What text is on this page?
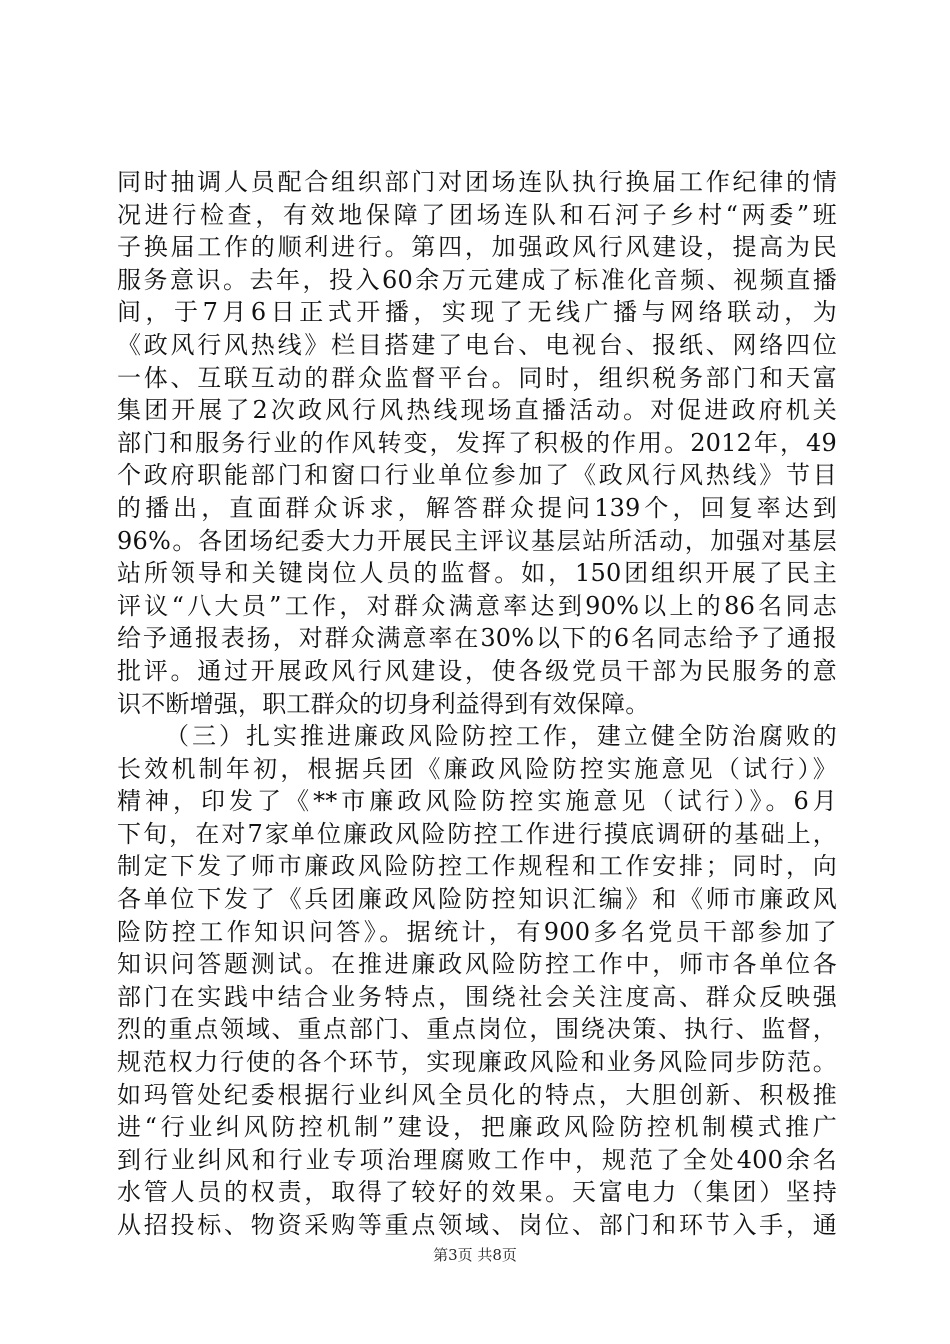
同时抽调人员配合组织部门对团场连队执行换届工作纪律的情
况进行检查，有效地保障了团场连队和石河子乡村“两委”班
子换届工作的顺利进行。第四，加强政风行风建设，提高为民
服务意识。去年，投入60余万元建成了标准化音频、视频直播
间，于7月6日正式开播，实现了无线广播与网络联动，为
《政风行风热线》栏目搭建了电台、电视台、报纸、网络四位
一体、互联互动的群众监督平台。同时，组织税务部门和天富
集团开展了2次政风行风热线现场直播活动。对促进政府机关
部门和服务行业的作风转变，发挥了积极的作用。2012年，49
个政府职能部门和窗口行业单位参加了《政风行风热线》节目
的播出，直面群众诉求，解答群众提问139个，回复率达到
96%。各团场纪委大力开展民主评议基层站所活动，加强对基层
站所领导和关键岗位人员的监督。如，150团组织开展了民主
评议“八大员”工作，对群众满意率达到90%以上的86名同志
给予通报表扬，对群众满意率在30%以下的6名同志给予了通报
批评。通过开展政风行风建设，使各级党员干部为民服务的意
识不断增强，职工群众的切身利益得到有效保障。
（三）扎实推进廉政风险防控工作，建立健全防治腐败的
长效机制年初，根据兵团《廉政风险防控实施意见（试行）》
精神，印发了《**市廉政风险防控实施意见（试行）》。6月
下旬，在对7家单位廉政风险防控工作进行摸底调研的基础上，
制定下发了师市廉政风险防控工作规程和工作安排；同时，向
各单位下发了《兵团廉政风险防控知识汇编》和《师市廉政风
险防控工作知识问答》。据统计，有900多名党员干部参加了
知识问答题测试。在推进廉政风险防控工作中，师市各单位各
部门在实践中结合业务特点，围绕社会关注度高、群众反映强
烈的重点领域、重点部门、重点岗位，围绕决策、执行、监督，
规范权力行使的各个环节，实现廉政风险和业务风险同步防范。
如玛管处纪委根据行业纠风全员化的特点，大胆创新、积极推
进“行业纠风防控机制”建设，把廉政风险防控机制模式推广
到行业纠风和行业专项治理腐败工作中，规范了全处400余名
水管人员的权责，取得了较好的效果。天富电力（集团）坚持
从招投标、物资采购等重点领域、岗位、部门和环节入手，通
第3页 共8页
